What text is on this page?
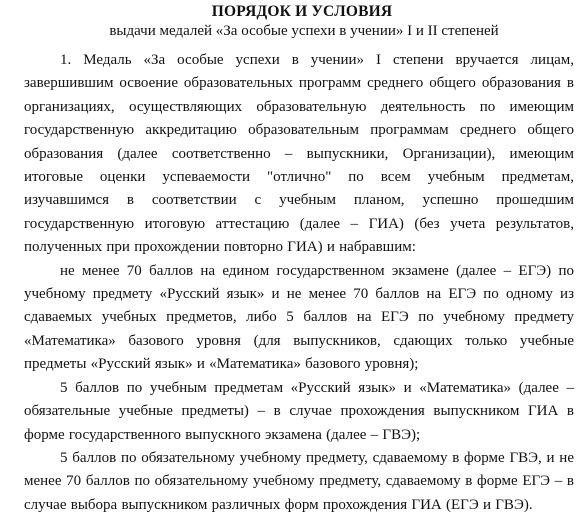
ПОРЯДОК И УСЛОВИЯ

выдачи медалей «За особые успехи в учении» I и II степеней

1. Медаль «За особые успехи в учении» I степени вручается лицам, завершившим освоение образовательных программ среднего общего образования в организациях, осуществляющих образовательную деятельность по имеющим государственную аккредитацию образовательным программам среднего общего образования (далее соответственно – выпускники, Организации), имеющим итоговые оценки успеваемости "отлично" по всем учебным предметам, изучавшимся в соответствии с учебным планом, успешно прошедшим государственную итоговую аттестацию (далее – ГИА) (без учета результатов, полученных при прохождении повторно ГИА) и набравшим:

не менее 70 баллов на едином государственном экзамене (далее – ЕГЭ) по учебному предмету «Русский язык» и не менее 70 баллов на ЕГЭ по одному из сдаваемых учебных предметов, либо 5 баллов на ЕГЭ по учебному предмету «Математика» базового уровня (для выпускников, сдающих только учебные предметы «Русский язык» и «Математика» базового уровня);

5 баллов по учебным предметам «Русский язык» и «Математика» (далее – обязательные учебные предметы) – в случае прохождения выпускником ГИА в форме государственного выпускного экзамена (далее – ГВЭ);

5 баллов по обязательному учебному предмету, сдаваемому в форме ГВЭ, и не менее 70 баллов по обязательному учебному предмету, сдаваемому в форме ЕГЭ – в случае выбора выпускником различных форм прохождения ГИА (ЕГЭ и ГВЭ).
